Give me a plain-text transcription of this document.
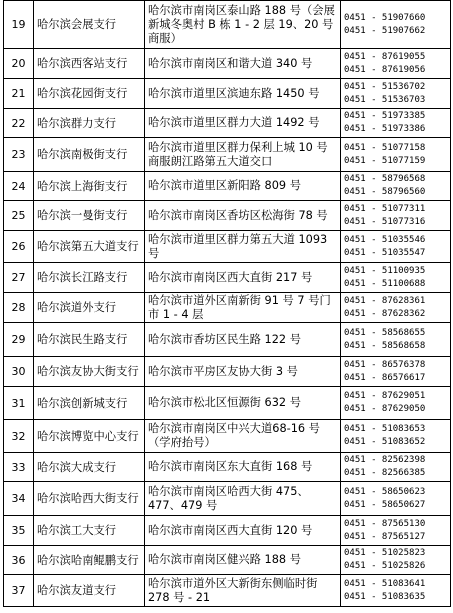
19	哈尔滨会展支行	哈尔滨市南岗区泰山路 188 号（会展新城冬奥村 B 栋 1 - 2 层 19、20 号商服）	0451 - 51907660
0451 - 51907662

20	哈尔滨西客站支行	哈尔滨市南岗区和谐大道 340 号	0451 - 87619055
0451 - 87619056

21	哈尔滨花园街支行	哈尔滨市道里区滨迪东路 1450 号	0451 - 51536702
0451 - 51536703

22	哈尔滨群力支行	哈尔滨市道里区群力大道 1492 号	0451 - 51973385
0451 - 51973386

23	哈尔滨南极街支行	哈尔滨市道里区群力保利上城 10 号商服朗江路第五大道交口	0451 - 51077158
0451 - 51077159

24	哈尔滨上海街支行	哈尔滨市道里区新阳路 809 号	0451 - 58796568
0451 - 58796560

25	哈尔滨一曼街支行	哈尔滨市南岗区香坊区松海街 78 号	0451 - 51077311
0451 - 51077316

26	哈尔滨第五大道支行	哈尔滨市道里区群力第五大道 1093 号	0451 - 51035546
0451 - 51035547

27	哈尔滨长江路支行	哈尔滨市南岗区西大直街 217 号	0451 - 51100935
0451 - 51100688

28	哈尔滨道外支行	哈尔滨市道外区南新街 91 号 7 号门市 1 - 4 层	0451 - 87628361
0451 - 87628362

29	哈尔滨民生路支行	哈尔滨市香坊区民生路 122 号	0451 - 58568655
0451 - 58568658

30	哈尔滨友协大街支行	哈尔滨市平房区友协大街 3 号	0451 - 86576378
0451 - 86576617

31	哈尔滨创新城支行	哈尔滨市松北区恒源街 632 号	0451 - 87629051
0451 - 87629050

32	哈尔滨博览中心支行	哈尔滨市南岗区中兴大道68-16 号（学府抬号）	0451 - 51083653
0451 - 51083652

33	哈尔滨大成支行	哈尔滨市南岗区东大直街 168 号	0451 - 82562398
0451 - 82566385

34	哈尔滨哈西大街支行	哈尔滨市南岗区哈西大街 475、477、479 号	0451 - 58650623
0451 - 58650627

35	哈尔滨工大支行	哈尔滨市南岗区西大直街 120 号	0451 - 87565130
0451 - 87565127

36	哈尔滨哈南鲲鹏支行	哈尔滨市南岗区健兴路 188 号	0451 - 51025823
0451 - 51025826

37	哈尔滨友道支行	哈尔滨市道外区大新街东侧临时街 278 号 - 21	0451 - 51083641
0451 - 51083635
